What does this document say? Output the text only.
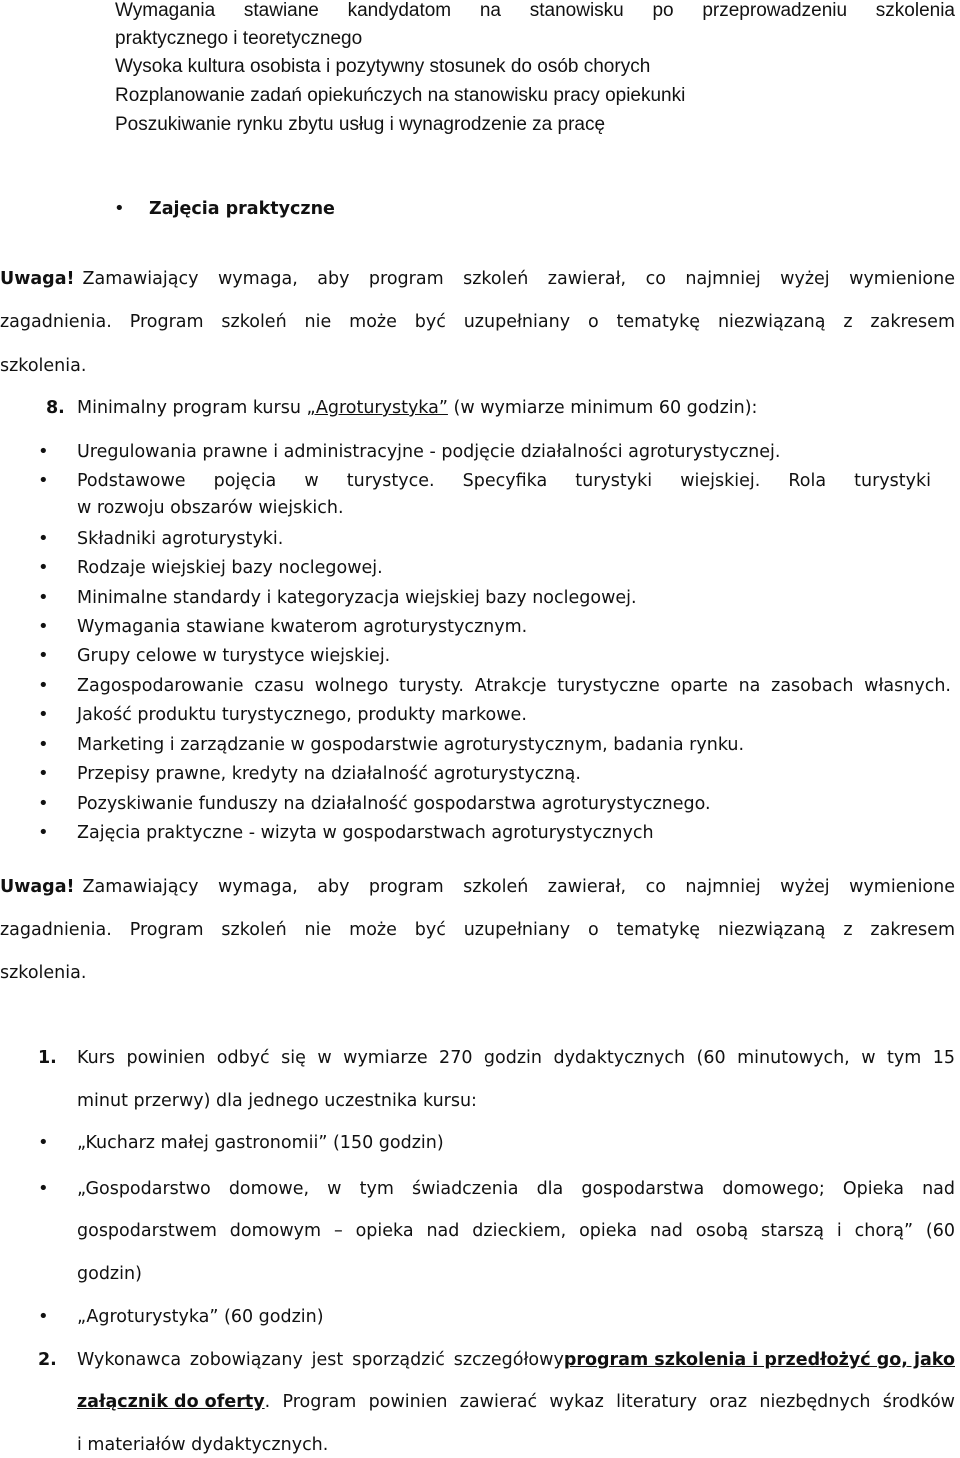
Wymagania stawiane kandydatom na stanowisku po przeprowadzeniu szkolenia
praktycznego i teoretycznego
Wysoka kultura osobista i pozytywny stosunek do osób chorych
Rozplanowanie zadań opiekuńczych na stanowisku pracy opiekunki
Poszukiwanie rynku zbytu usług i wynagrodzenie za pracę
• Zajęcia praktyczne
Uwaga! Zamawiający wymaga, aby program szkoleń zawierał, co najmniej wyżej wymienione
zagadnienia. Program szkoleń nie może być uzupełniany o tematykę niezwiązaną z zakresem
szkolenia.
8. Minimalny program kursu „Agroturystyka” (w wymiarze minimum 60 godzin):
• Uregulowania prawne i administracyjne - podjęcie działalności agroturystycznej.
• Podstawowe pojęcia w turystyce. Specyfika turystyki wiejskiej. Rola turystyki
w rozwoju obszarów wiejskich.
• Składniki agroturystyki.
• Rodzaje wiejskiej bazy noclegowej.
• Minimalne standardy i kategoryzacja wiejskiej bazy noclegowej.
• Wymagania stawiane kwaterom agroturystycznym.
• Grupy celowe w turystyce wiejskiej.
• Zagospodarowanie czasu wolnego turysty. Atrakcje turystyczne oparte na zasobach własnych.
• Jakość produktu turystycznego, produkty markowe.
• Marketing i zarządzanie w gospodarstwie agroturystycznym, badania rynku.
• Przepisy prawne, kredyty na działalność agroturystyczną.
• Pozyskiwanie funduszy na działalność gospodarstwa agroturystycznego.
• Zajęcia praktyczne - wizyta w gospodarstwach agroturystycznych
Uwaga! Zamawiający wymaga, aby program szkoleń zawierał, co najmniej wyżej wymienione
zagadnienia. Program szkoleń nie może być uzupełniany o tematykę niezwiązaną z zakresem
szkolenia.
1. Kurs powinien odbyć się w wymiarze 270 godzin dydaktycznych (60 minutowych, w tym 15
minut przerwy) dla jednego uczestnika kursu:
• „Kucharz małej gastronomii” (150 godzin)
• „Gospodarstwo domowe, w tym świadczenia dla gospodarstwa domowego; Opieka nad
gospodarstwem domowym – opieka nad dzieckiem, opieka nad osobą starszą i chorą” (60
godzin)
• „Agroturystyka” (60 godzin)
2. Wykonawca zobowiązany jest sporządzić szczegółowy program szkolenia i przedłożyć go, jako
załącznik do oferty . Program powinien zawierać wykaz literatury oraz niezbędnych środków
i materiałów dydaktycznych.
